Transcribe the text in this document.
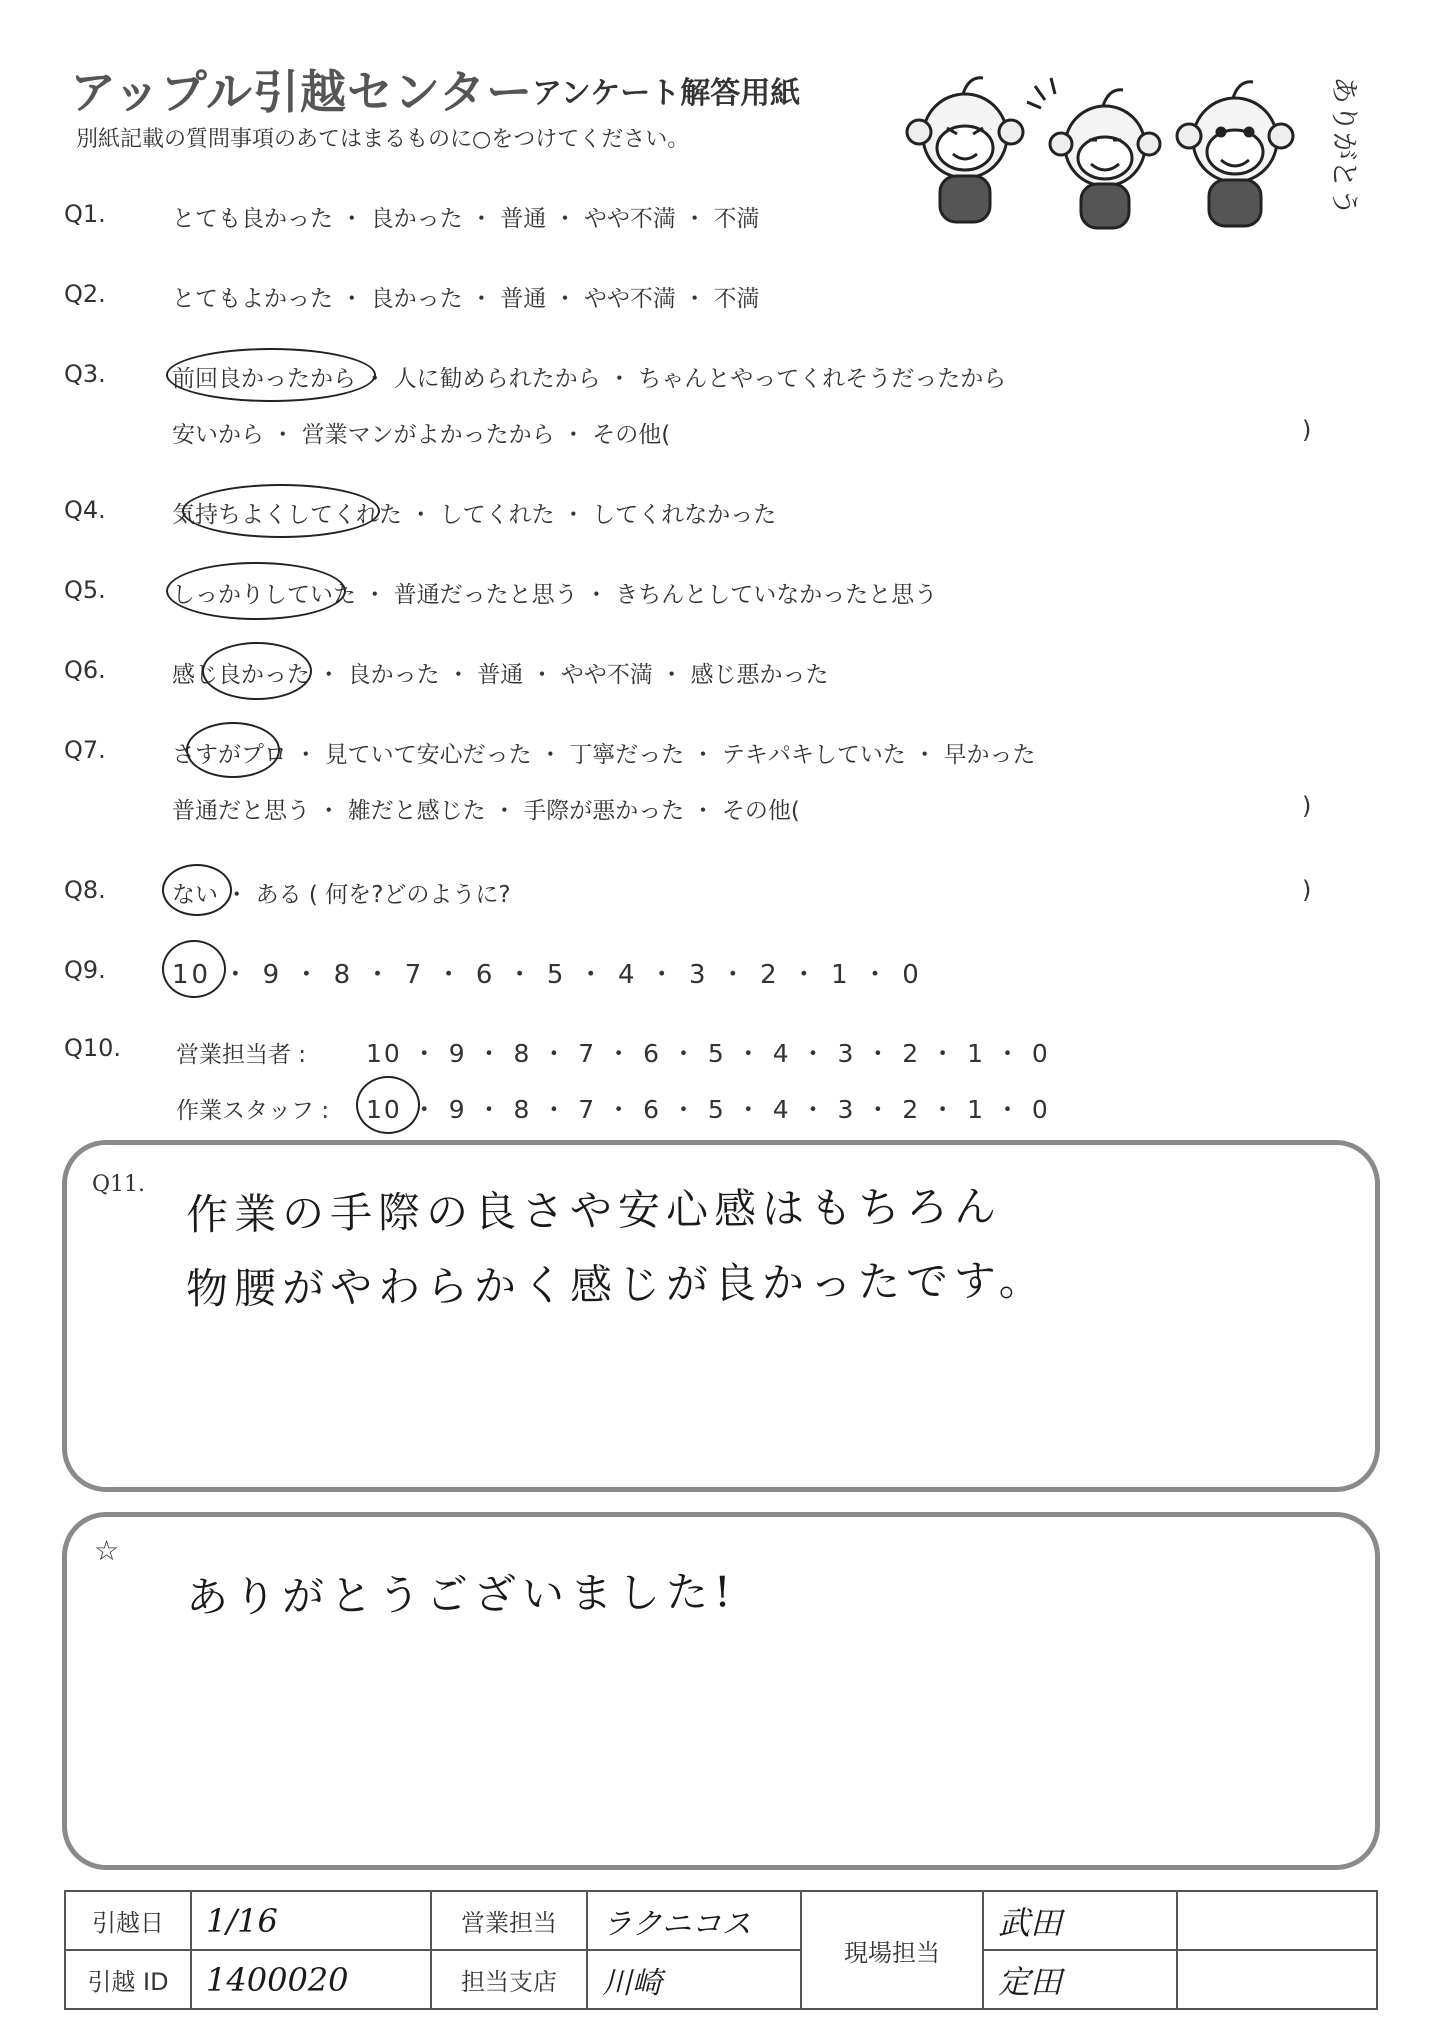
アップル引越センター
アンケート解答用紙
別紙記載の質問事項のあてはまるものに○をつけてください。	ありがとう
Q1.	とても良かった ・ 良かった ・ 普通 ・ やや不満 ・ 不満
Q2.	とてもよかった ・ 良かった ・ 普通 ・ やや不満 ・ 不満
Q3.	前回良かったから ・ 人に勧められたから ・ ちゃんとやってくれそうだったから
安いから ・ 営業マンがよかったから ・ その他(	)
Q4.	気持ちよくしてくれた ・ してくれた ・ してくれなかった
Q5.	しっかりしていた ・ 普通だったと思う ・ きちんとしていなかったと思う
Q6.	感じ良かった ・ 良かった ・ 普通 ・ やや不満 ・ 感じ悪かった
Q7.	さすがプロ ・ 見ていて安心だった ・ 丁寧だった ・ テキパキしていた ・ 早かった
普通だと思う ・ 雑だと感じた ・ 手際が悪かった ・ その他(	)
Q8.	ない ・ ある ( 何を?どのように?	)
Q9.	10 ・ 9 ・ 8 ・ 7 ・ 6 ・ 5 ・ 4 ・ 3 ・ 2 ・ 1 ・ 0
Q10. 営業担当者 : 10 ・ 9 ・ 8 ・ 7 ・ 6 ・ 5 ・ 4 ・ 3 ・ 2 ・ 1 ・ 0
作業スタッフ : 10 ・ 9 ・ 8 ・ 7 ・ 6 ・ 5 ・ 4 ・ 3 ・ 2 ・ 1 ・ 0
Q11. 作業の手際の良さや安心感はもちろん
物腰がやわらかく感じが良かったです。
☆
ありがとうございました!
引越日	1/16	営業担当	ラクニコス	現場担当	武田	
引越 ID	1400020	担当支店	川崎		定田	
